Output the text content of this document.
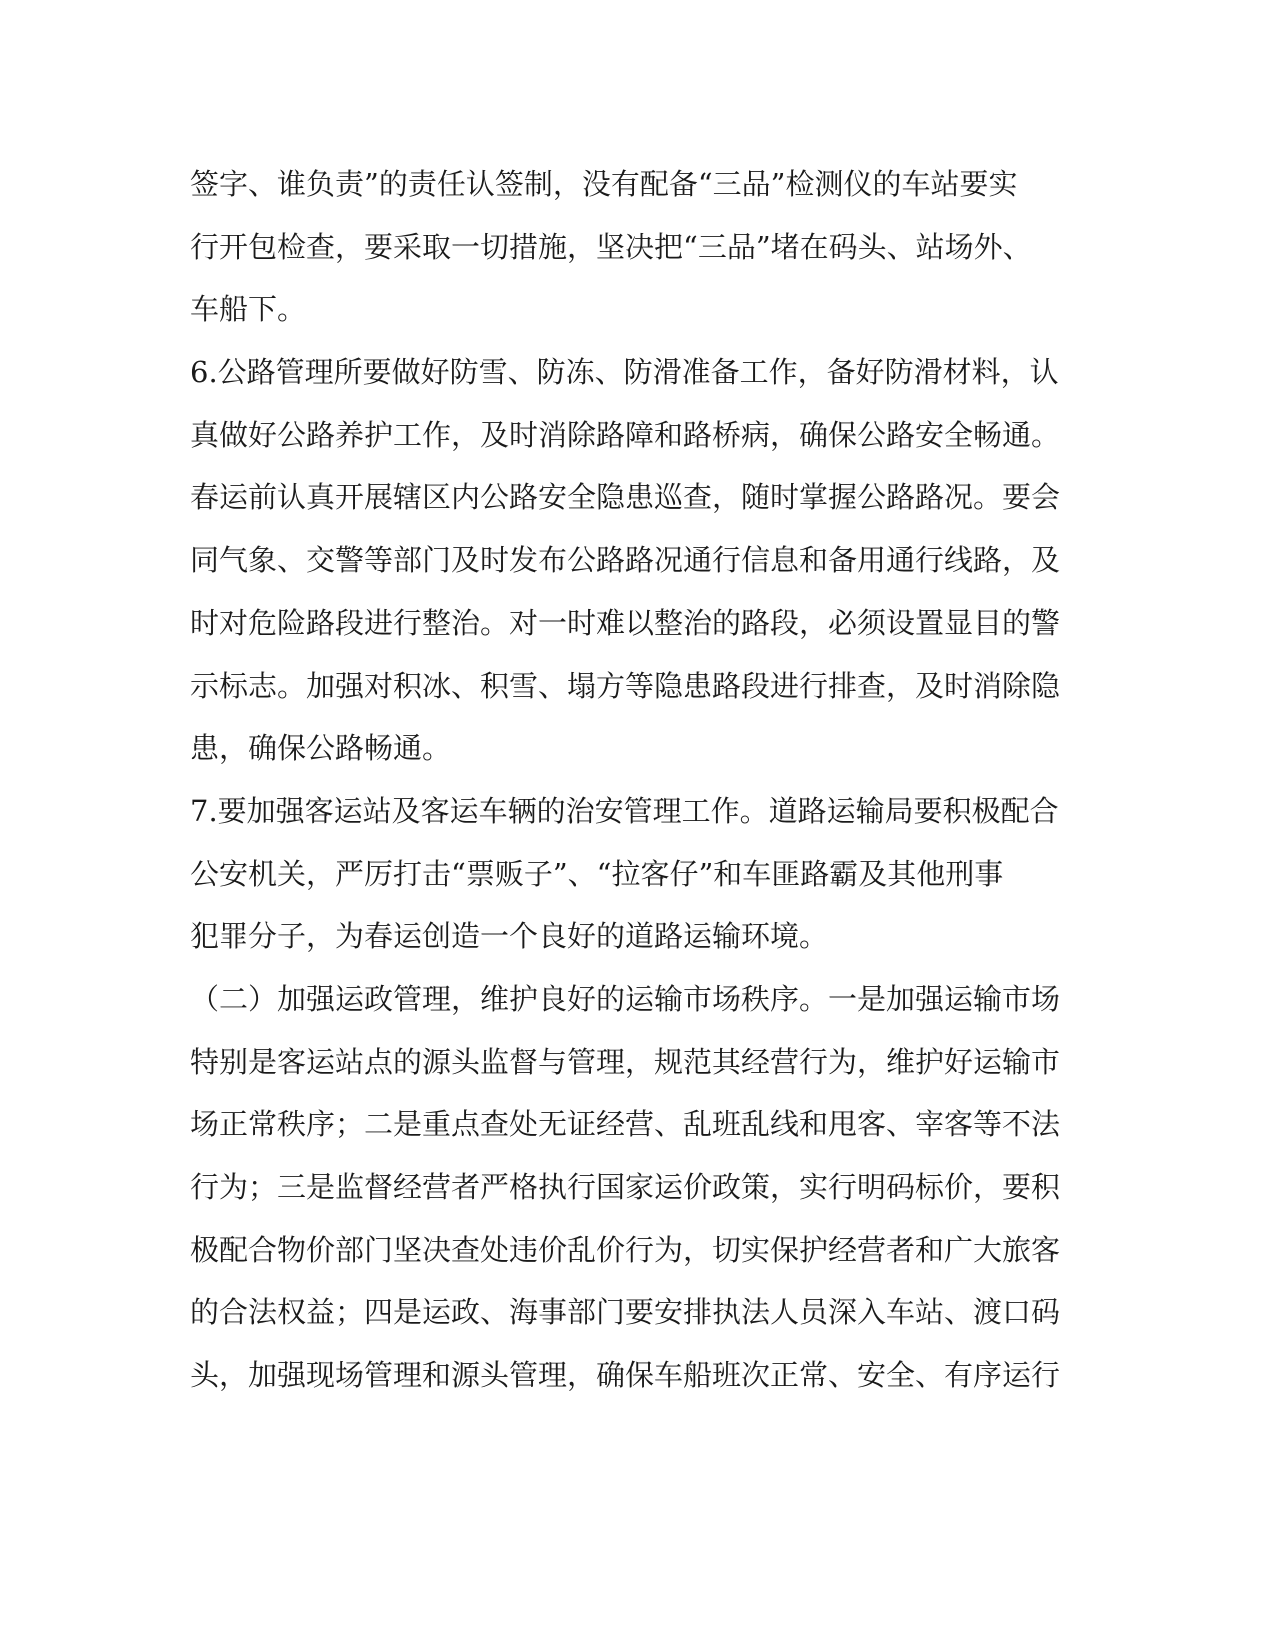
签字、谁负责”的责任认签制，没有配备“三品”检测仪的车站要实
行开包检查，要采取一切措施，坚决把“三品”堵在码头、站场外、
车船下。
6.公路管理所要做好防雪、防冻、防滑准备工作，备好防滑材料，认
真做好公路养护工作，及时消除路障和路桥病，确保公路安全畅通。
春运前认真开展辖区内公路安全隐患巡查，随时掌握公路路况。要会
同气象、交警等部门及时发布公路路况通行信息和备用通行线路，及
时对危险路段进行整治。对一时难以整治的路段，必须设置显目的警
示标志。加强对积冰、积雪、塌方等隐患路段进行排查，及时消除隐
患，确保公路畅通。
7.要加强客运站及客运车辆的治安管理工作。道路运输局要积极配合
公安机关，严厉打击“票贩子”、“拉客仔”和车匪路霸及其他刑事
犯罪分子，为春运创造一个良好的道路运输环境。
（二）加强运政管理，维护良好的运输市场秩序。一是加强运输市场
特别是客运站点的源头监督与管理，规范其经营行为，维护好运输市
场正常秩序；二是重点查处无证经营、乱班乱线和甩客、宰客等不法
行为；三是监督经营者严格执行国家运价政策，实行明码标价，要积
极配合物价部门坚决查处违价乱价行为，切实保护经营者和广大旅客
的合法权益；四是运政、海事部门要安排执法人员深入车站、渡口码
头，加强现场管理和源头管理，确保车船班次正常、安全、有序运行
